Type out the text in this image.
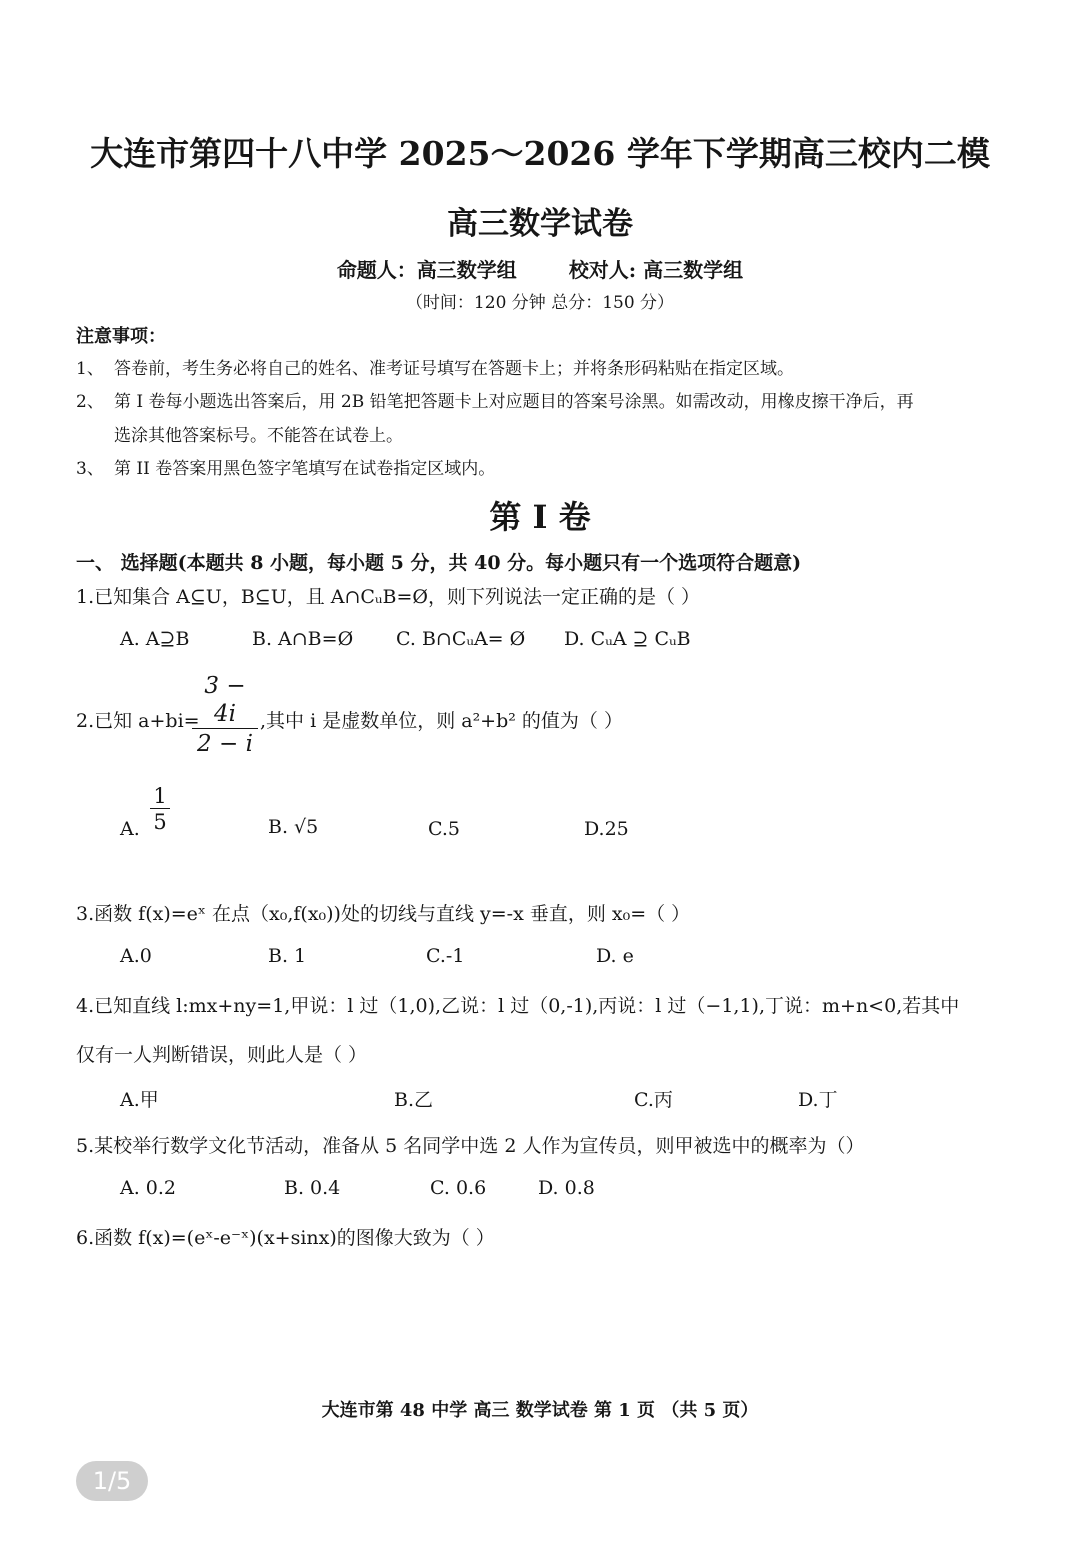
大连市第四十八中学 2025～2026 学年下学期高三校内二模
高三数学试卷
命题人：高三数学组	校对人: 高三数学组
（时间：120 分钟 总分：150 分）
注意事项：
1、 答卷前，考生务必将自己的姓名、准考证号填写在答题卡上；并将条形码粘贴在指定区域。
2、 第 I 卷每小题选出答案后，用 2B 铅笔把答题卡上对应题目的答案号涂黑。如需改动，用橡皮擦干净后，再
选涂其他答案标号。不能答在试卷上。
3、 第 II 卷答案用黑色签字笔填写在试卷指定区域内。
第 I 卷
一、 选择题(本题共 8 小题，每小题 5 分，共 40 分。每小题只有一个选项符合题意)
1.已知集合 A⊆U，B⊆U，且 A∩CᵤB=Ø，则下列说法一定正确的是（ ）
A. A⊇B	B. A∩B=Ø C. B∩CᵤA= Ø D. CᵤA ⊇ CᵤB
2.已知 a+bi=
$\frac{3 - 4i}{2 - i}$ ,其中 i 是虚数单位，则 a²+b² 的值为（ ）
A. $\frac{1}{5}$	B. √5	C.5	D.25
3.函数 f(x)=eˣ 在点（x₀,f(x₀))处的切线与直线 y=-x 垂直，则 x₀=（ ）
A.0	B. 1	C.-1	D. e
4.已知直线 l:mx+ny=1,甲说：l 过（1,0),乙说：l 过（0,-1),丙说：l 过（−1,1),丁说：m+n<0,若其中
仅有一人判断错误，则此人是（ ）
A.甲	B.乙	C.丙	D.丁
5.某校举行数学文化节活动，准备从 5 名同学中选 2 人作为宣传员，则甲被选中的概率为（）
A. 0.2	B. 0.4	C. 0.6	D. 0.8
6.函数 f(x)=(eˣ-e⁻ˣ)(x+sinx)的图像大致为（ ）
大连市第 48 中学 高三 数学试卷 第 1 页 （共 5 页）
1/5
